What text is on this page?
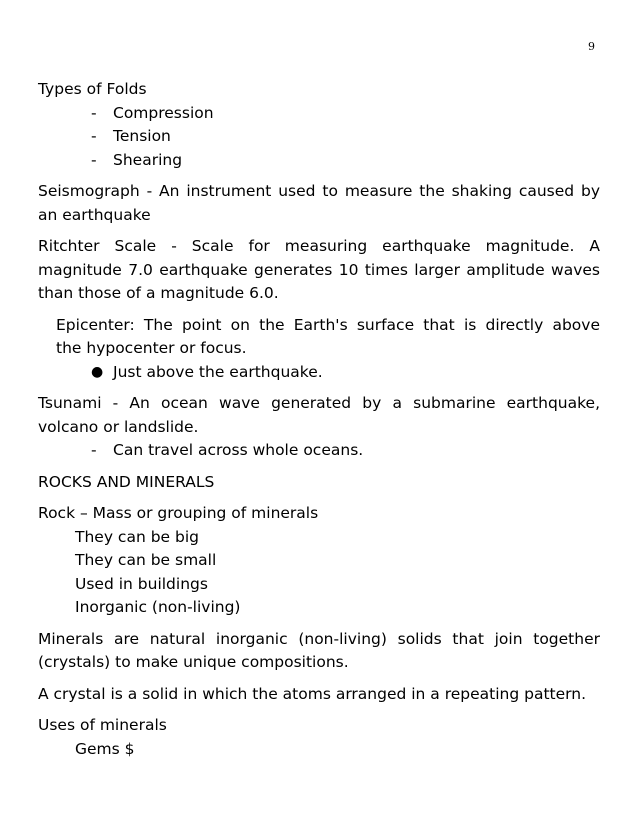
9
Types of Folds
-	Compression
-	Tension
-	Shearing

Seismograph - An instrument used to measure the shaking caused by an earthquake

Ritchter Scale - Scale for measuring earthquake magnitude. A
magnitude 7.0 earthquake generates 10 times larger amplitude waves
than those of a magnitude 6.0.
Epicenter: The point on the Earth's surface that is directly above
the hypocenter or focus.
● Just above the earthquake.
Tsunami - An ocean wave generated by a submarine earthquake, volcano or landslide.
-	Can travel across whole oceans.

ROCKS AND MINERALS

Rock – Mass or grouping of minerals
They can be big
They can be small
Used in buildings
Inorganic (non-living)

Minerals are natural inorganic (non-living) solids that join together (crystals) to make unique compositions.

A crystal is a solid in which the atoms arranged in a repeating pattern.

Uses of minerals
Gems $
